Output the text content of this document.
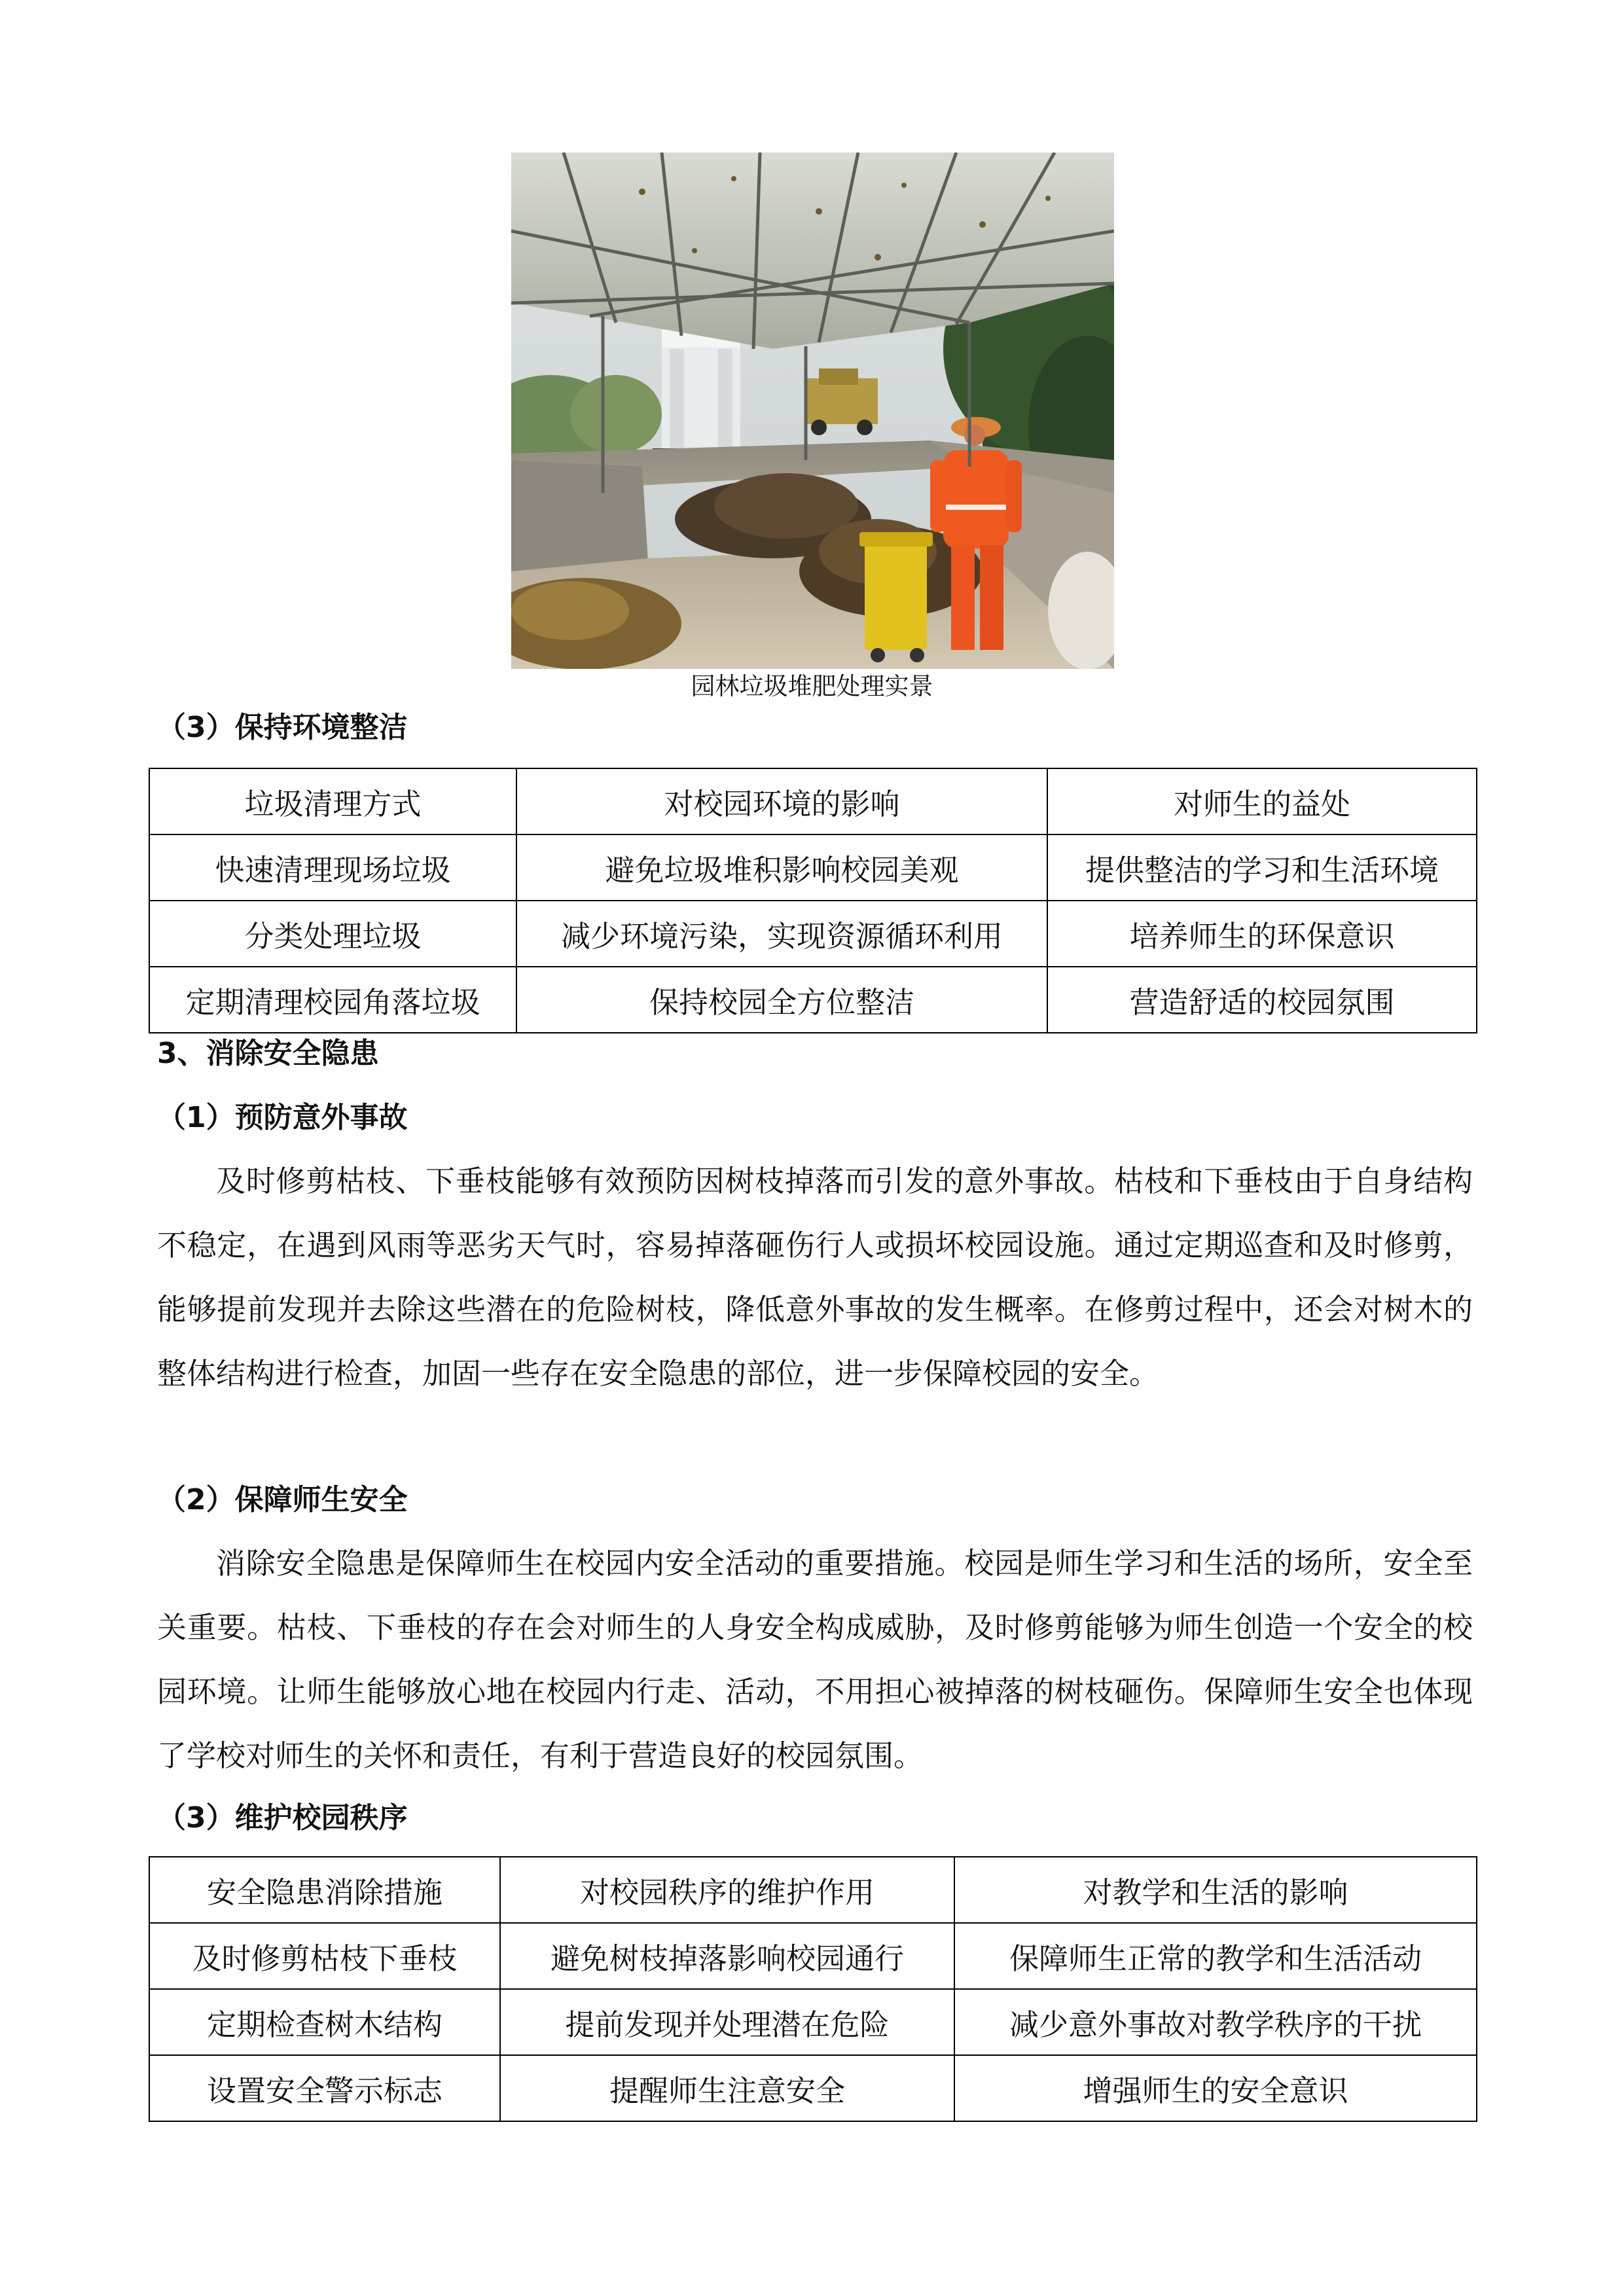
园林垃圾堆肥处理实景
（3）保持环境整洁
垃圾清理方式	对校园环境的影响	对师生的益处
快速清理现场垃圾	避免垃圾堆积影响校园美观	提供整洁的学习和生活环境
分类处理垃圾	减少环境污染，实现资源循环利用	培养师生的环保意识
定期清理校园角落垃圾	保持校园全方位整洁	营造舒适的校园氛围
3、消除安全隐患
（1）预防意外事故
及时修剪枯枝、下垂枝能够有效预防因树枝掉落而引发的意外事故。枯枝和下垂枝由于自身结构不稳定，在遇到风雨等恶劣天气时，容易掉落砸伤行人或损坏校园设施。通过定期巡查和及时修剪，能够提前发现并去除这些潜在的危险树枝，降低意外事故的发生概率。在修剪过程中，还会对树木的整体结构进行检查，加固一些存在安全隐患的部位，进一步保障校园的安全。
（2）保障师生安全
消除安全隐患是保障师生在校园内安全活动的重要措施。校园是师生学习和生活的场所，安全至关重要。枯枝、下垂枝的存在会对师生的人身安全构成威胁，及时修剪能够为师生创造一个安全的校园环境。让师生能够放心地在校园内行走、活动，不用担心被掉落的树枝砸伤。保障师生安全也体现了学校对师生的关怀和责任，有利于营造良好的校园氛围。
（3）维护校园秩序
安全隐患消除措施	对校园秩序的维护作用	对教学和生活的影响
及时修剪枯枝下垂枝	避免树枝掉落影响校园通行	保障师生正常的教学和生活活动
定期检查树木结构	提前发现并处理潜在危险	减少意外事故对教学秩序的干扰
设置安全警示标志	提醒师生注意安全	增强师生的安全意识
